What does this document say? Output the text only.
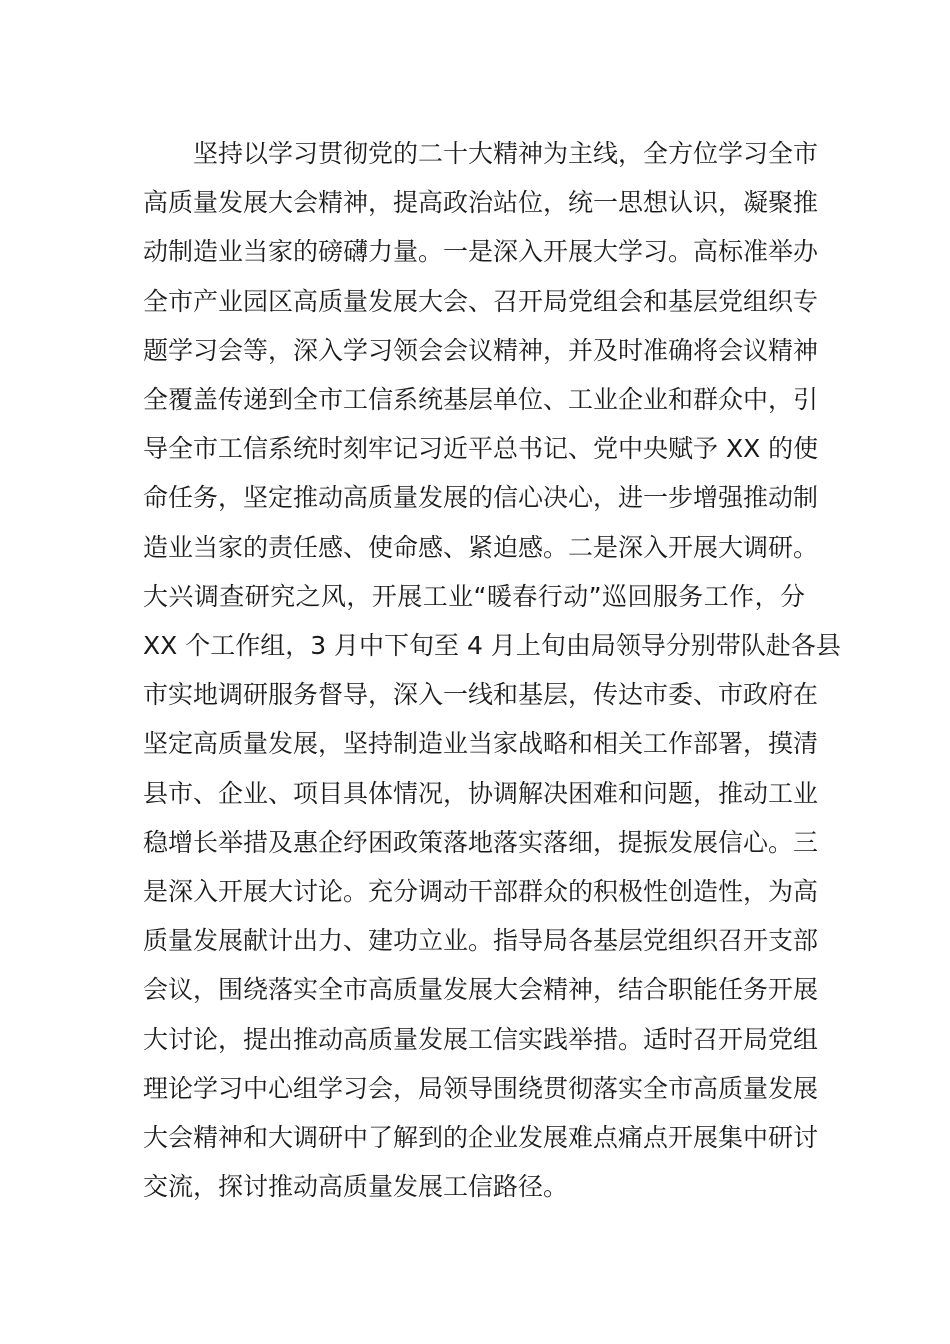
坚持以学习贯彻党的二十大精神为主线，全方位学习全市
高质量发展大会精神，提高政治站位，统一思想认识，凝聚推
动制造业当家的磅礴力量。一是深入开展大学习。高标准举办
全市产业园区高质量发展大会、召开局党组会和基层党组织专
题学习会等，深入学习领会会议精神，并及时准确将会议精神
全覆盖传递到全市工信系统基层单位、工业企业和群众中，引
导全市工信系统时刻牢记习近平总书记、党中央赋予 XX 的使
命任务，坚定推动高质量发展的信心决心，进一步增强推动制
造业当家的责任感、使命感、紧迫感。二是深入开展大调研。
大兴调查研究之风，开展工业“暖春行动”巡回服务工作，分
XX 个工作组，3 月中下旬至 4 月上旬由局领导分别带队赴各县
市实地调研服务督导，深入一线和基层，传达市委、市政府在
坚定高质量发展，坚持制造业当家战略和相关工作部署，摸清
县市、企业、项目具体情况，协调解决困难和问题，推动工业
稳增长举措及惠企纾困政策落地落实落细，提振发展信心。三
是深入开展大讨论。充分调动干部群众的积极性创造性，为高
质量发展献计出力、建功立业。指导局各基层党组织召开支部
会议，围绕落实全市高质量发展大会精神，结合职能任务开展
大讨论，提出推动高质量发展工信实践举措。适时召开局党组
理论学习中心组学习会，局领导围绕贯彻落实全市高质量发展
大会精神和大调研中了解到的企业发展难点痛点开展集中研讨
交流，探讨推动高质量发展工信路径。
